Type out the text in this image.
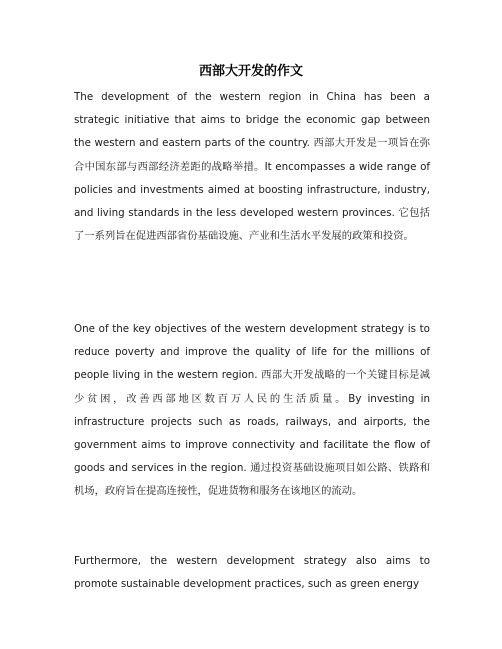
西部大开发的作文

The development of the western region in China has been a strategic initiative that aims to bridge the economic gap between the western and eastern parts of the country. 西部大开发是一项旨在弥合中国东部与西部经济差距的战略举措。It encompasses a wide range of policies and investments aimed at boosting infrastructure, industry, and living standards in the less developed western provinces. 它包括了一系列旨在促进西部省份基础设施、产业和生活水平发展的政策和投资。

One of the key objectives of the western development strategy is to reduce poverty and improve the quality of life for the millions of people living in the western region. 西部大开发战略的一个关键目标是减少贫困，改善西部地区数百万人民的生活质量。By investing in infrastructure projects such as roads, railways, and airports, the government aims to improve connectivity and facilitate the flow of goods and services in the region. 通过投资基础设施项目如公路、铁路和机场，政府旨在提高连接性，促进货物和服务在该地区的流动。

Furthermore, the western development strategy also aims to promote sustainable development practices, such as green energy
